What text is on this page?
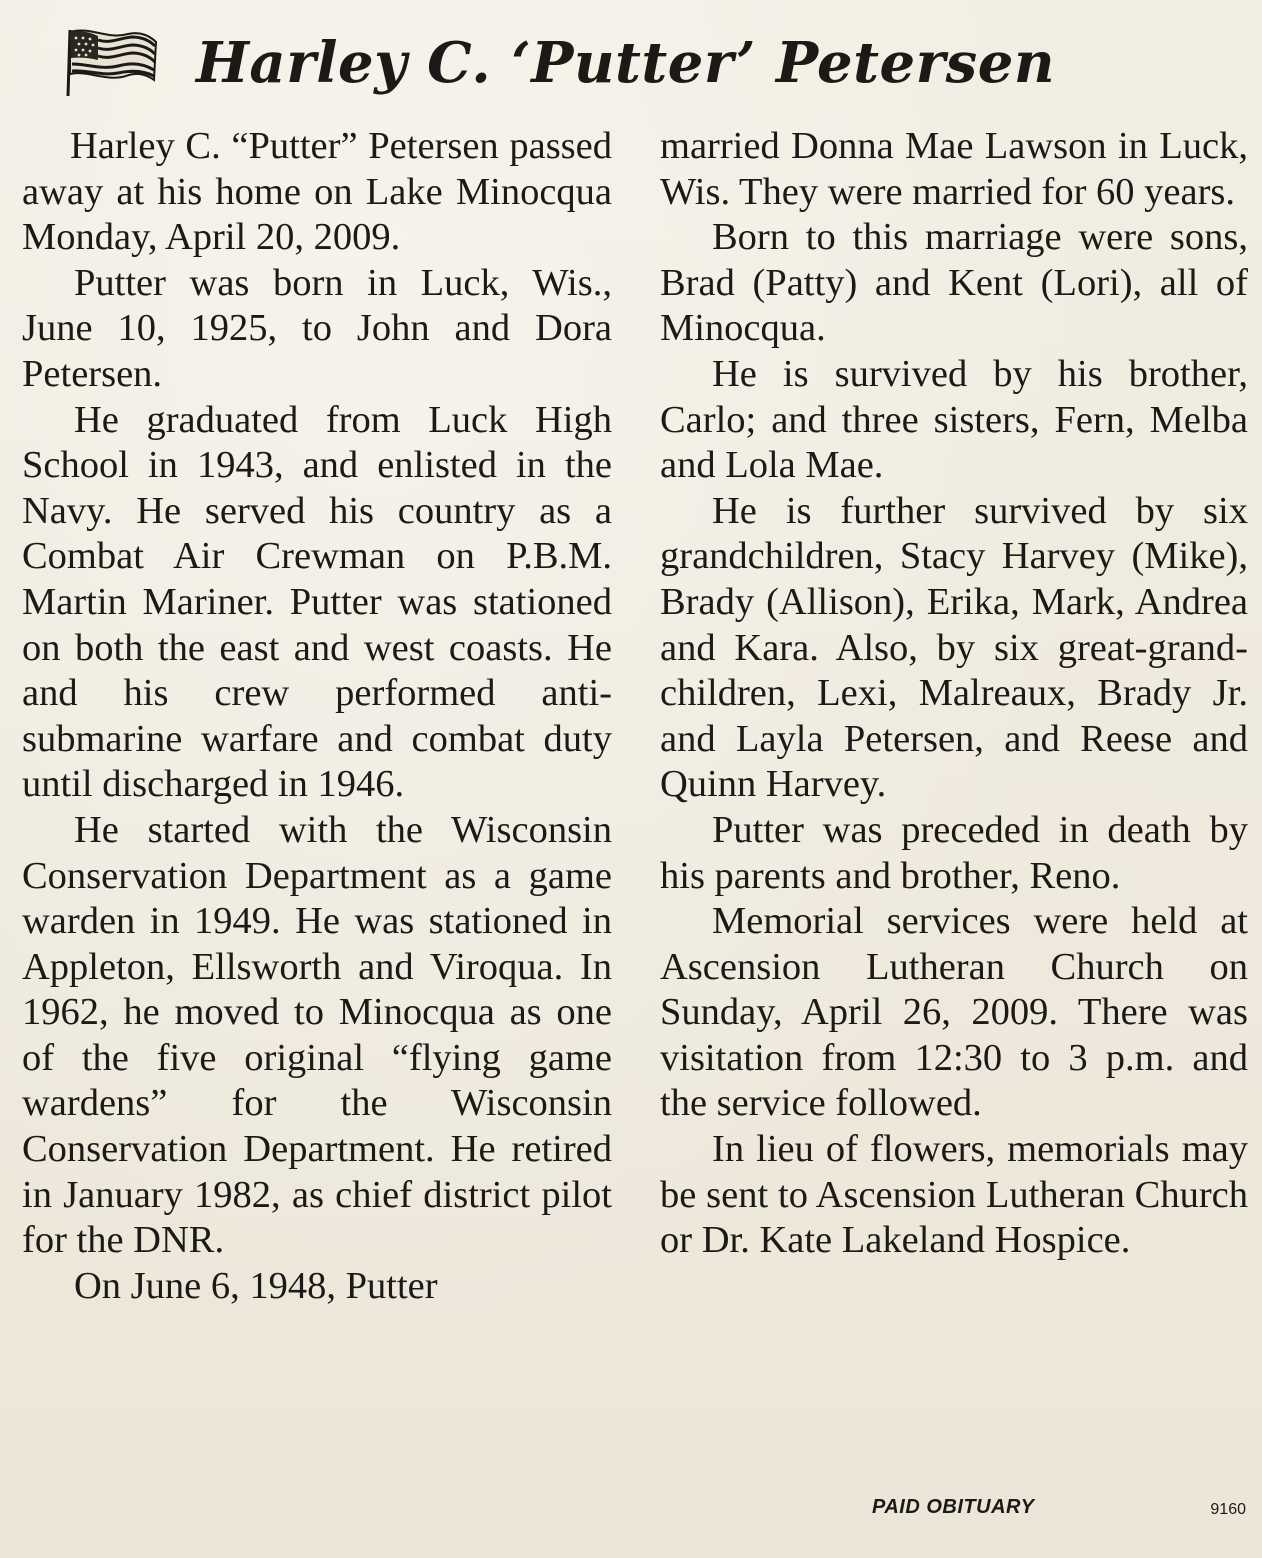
Harley C. ‘Putter’ Petersen

Harley C. “Putter” Petersen passed away at his home on Lake Minocqua Monday, April 20, 2009.

Putter was born in Luck, Wis., June 10, 1925, to John and Dora Petersen.

He graduated from Luck High School in 1943, and enlisted in the Navy. He served his country as a Combat Air Crewman on P.B.M. Martin Mariner. Putter was stationed on both the east and west coasts. He and his crew performed anti-submarine warfare and combat duty until discharged in 1946.

He started with the Wisconsin Conservation Department as a game warden in 1949. He was stationed in Appleton, Ellsworth and Viroqua. In 1962, he moved to Minocqua as one of the five original “flying game wardens” for the Wisconsin Conservation Department. He retired in January 1982, as chief district pilot for the DNR.

On June 6, 1948, Putter

married Donna Mae Lawson in Luck, Wis. They were married for 60 years.

Born to this marriage were sons, Brad (Patty) and Kent (Lori), all of Minocqua.

He is survived by his brother, Carlo; and three sisters, Fern, Melba and Lola Mae.

He is further survived by six grandchildren, Stacy Harvey (Mike), Brady (Allison), Erika, Mark, Andrea and Kara. Also, by six great-grandchildren, Lexi, Malreaux, Brady Jr. and Layla Petersen, and Reese and Quinn Harvey.

Putter was preceded in death by his parents and brother, Reno.

Memorial services were held at Ascension Lutheran Church on Sunday, April 26, 2009. There was visitation from 12:30 to 3 p.m. and the service followed.

In lieu of flowers, memorials may be sent to Ascension Lutheran Church or Dr. Kate Lakeland Hospice.

PAID OBITUARY	9160
